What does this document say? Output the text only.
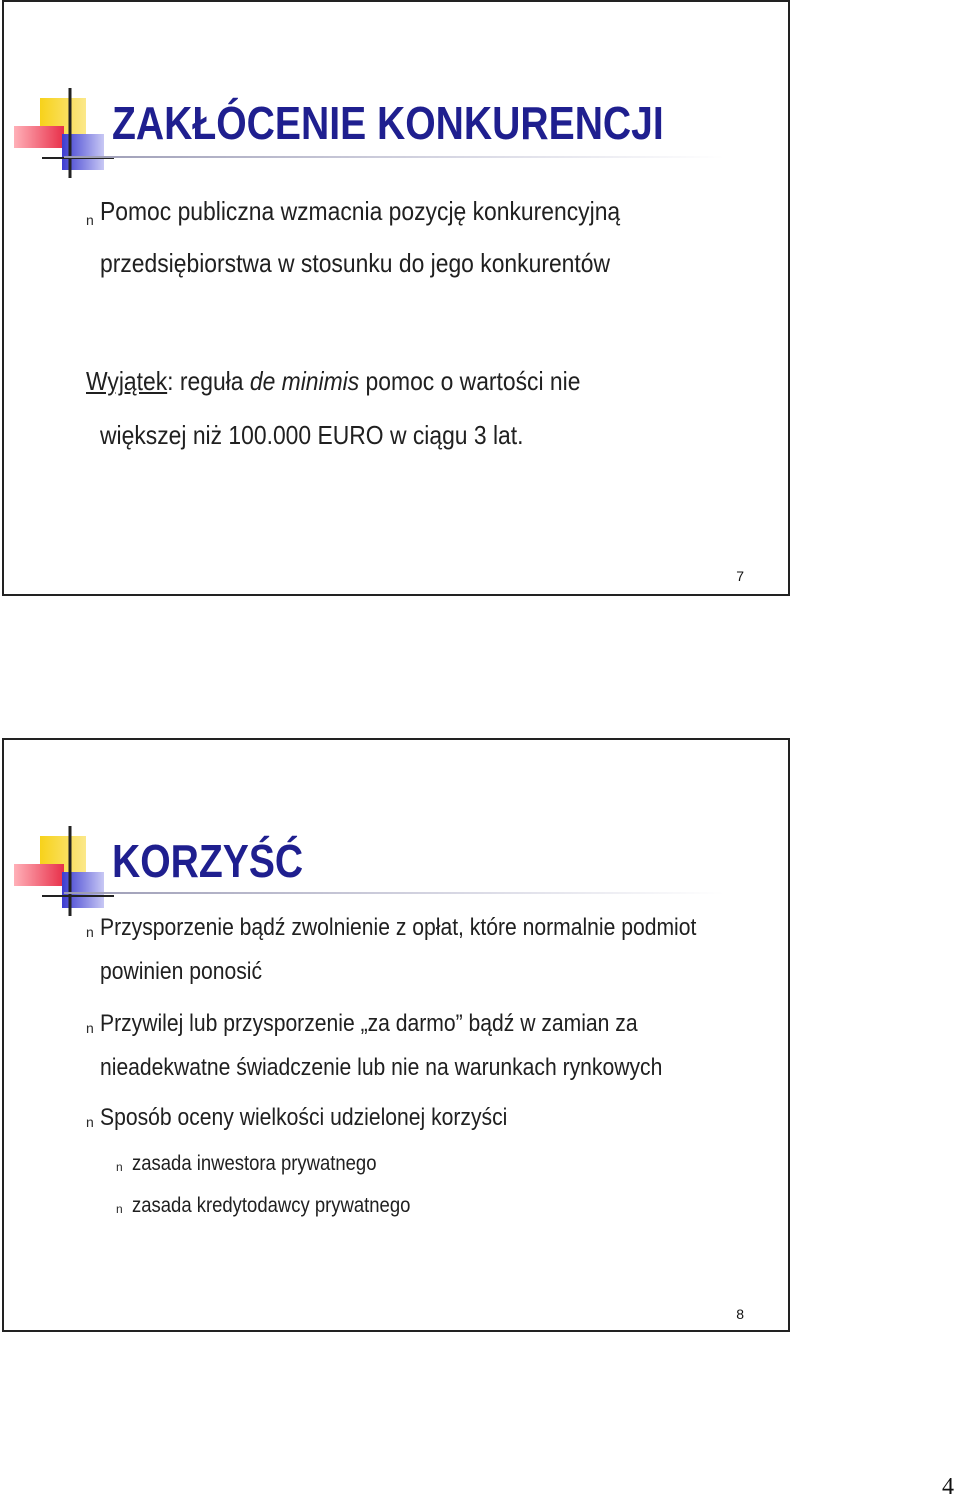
ZAKŁÓCENIE KONKURENCJI
n Pomoc publiczna wzmacnia pozycję konkurencyjną
przedsiębiorstwa w stosunku do jego konkurentów
Wyjątek: reguła de minimis pomoc o wartości nie
większej niż 100.000 EURO w ciągu 3 lat.
7
KORZYŚĆ
n Przysporzenie bądź zwolnienie z opłat, które normalnie podmiot
powinien ponosić
n Przywilej lub przysporzenie „za darmo” bądź w zamian za
nieadekwatne świadczenie lub nie na warunkach rynkowych
n Sposób oceny wielkości udzielonej korzyści
n zasada inwestora prywatnego
n zasada kredytodawcy prywatnego
8
4
